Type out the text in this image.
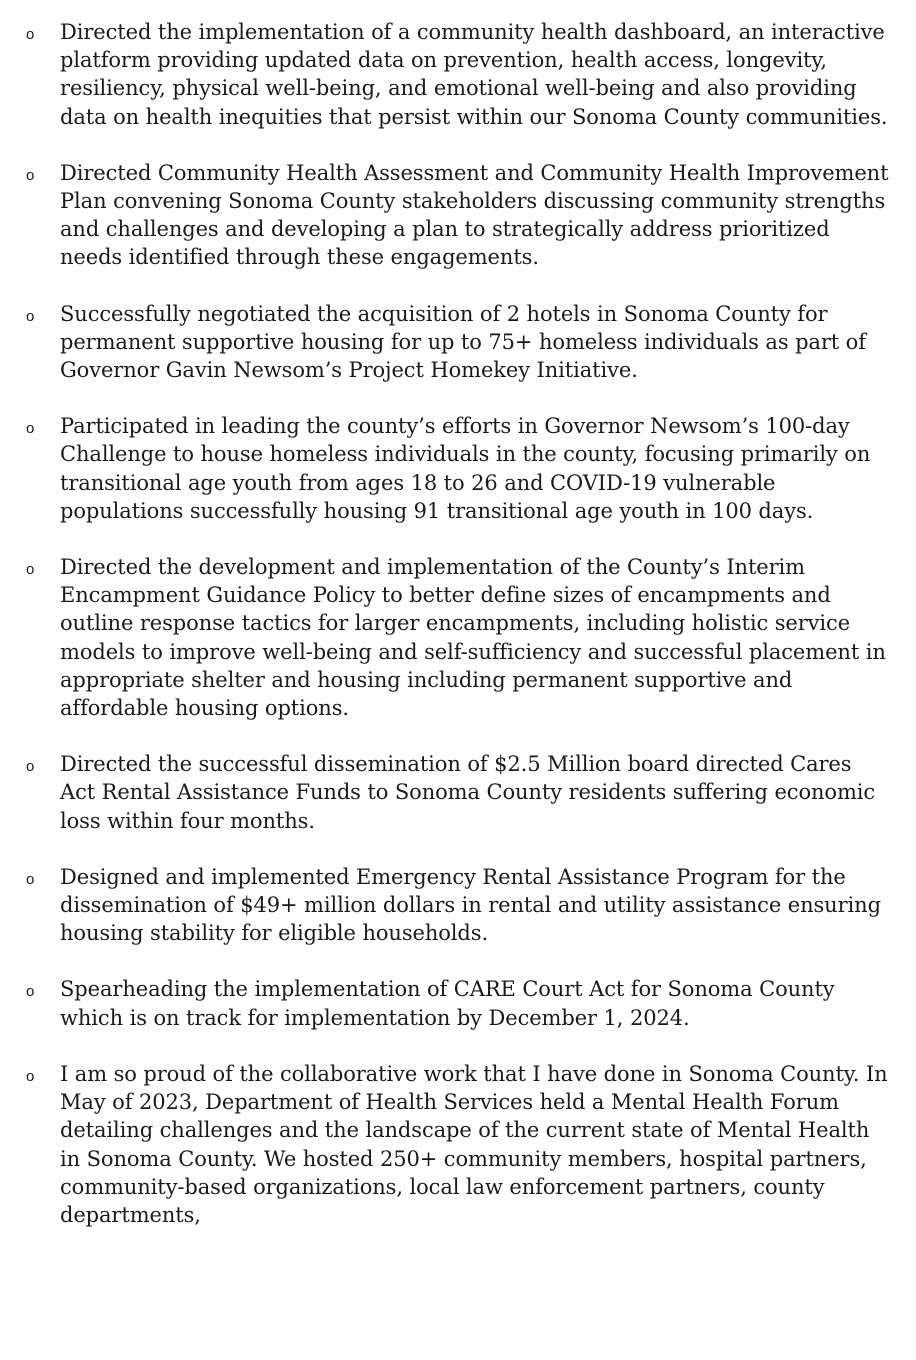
o	Directed the implementation of a community health dashboard, an interactive platform providing updated data on prevention, health access, longevity, resiliency, physical well-being, and emotional well-being and also providing data on health inequities that persist within our Sonoma County communities.

o	Directed Community Health Assessment and Community Health Improvement Plan convening Sonoma County stakeholders discussing community strengths and challenges and developing a plan to strategically address prioritized needs identified through these engagements.

o	Successfully negotiated the acquisition of 2 hotels in Sonoma County for permanent supportive housing for up to 75+ homeless individuals as part of Governor Gavin Newsom’s Project Homekey Initiative.

o	Participated in leading the county’s efforts in Governor Newsom’s 100-day Challenge to house homeless individuals in the county, focusing primarily on transitional age youth from ages 18 to 26 and COVID-19 vulnerable populations successfully housing 91 transitional age youth in 100 days.

o	Directed the development and implementation of the County’s Interim Encampment Guidance Policy to better define sizes of encampments and outline response tactics for larger encampments, including holistic service models to improve well-being and self-sufficiency and successful placement in appropriate shelter and housing including permanent supportive and affordable housing options.

o	Directed the successful dissemination of $2.5 Million board directed Cares Act Rental Assistance Funds to Sonoma County residents suffering economic loss within four months.

o	Designed and implemented Emergency Rental Assistance Program for the dissemination of $49+ million dollars in rental and utility assistance ensuring housing stability for eligible households.

o	Spearheading the implementation of CARE Court Act for Sonoma County which is on track for implementation by December 1, 2024.

o	I am so proud of the collaborative work that I have done in Sonoma County. In May of 2023, Department of Health Services held a Mental Health Forum detailing challenges and the landscape of the current state of Mental Health in Sonoma County. We hosted 250+ community members, hospital partners, community-based organizations, local law enforcement partners, county departments,
